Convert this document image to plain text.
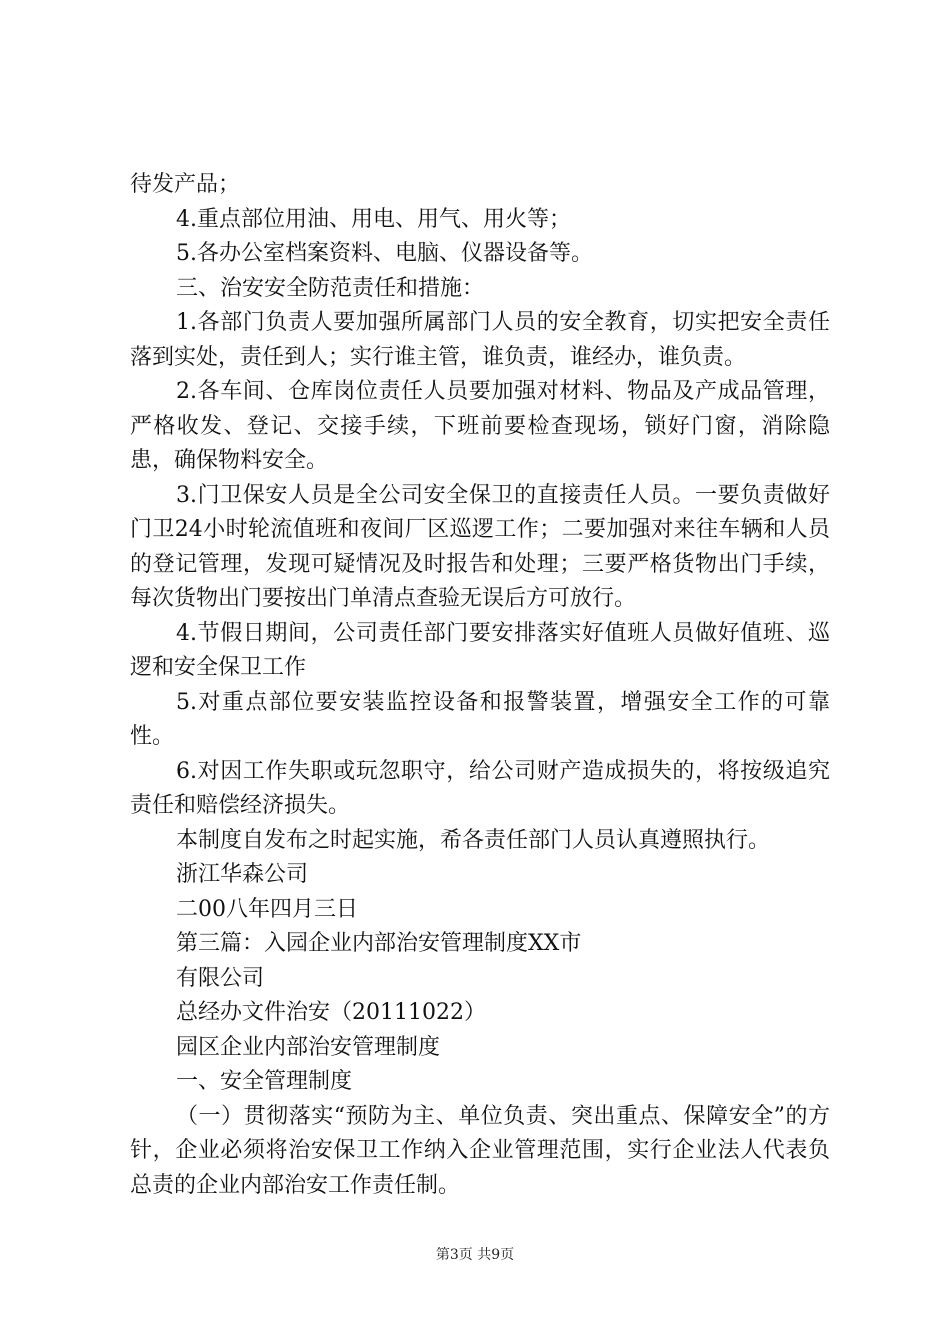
待发产品；

4.重点部位用油、用电、用气、用火等；

5.各办公室档案资料、电脑、仪器设备等。

三、治安安全防范责任和措施：

1.各部门负责人要加强所属部门人员的安全教育，切实把安全责任落到实处，责任到人；实行谁主管，谁负责，谁经办，谁负责。

2.各车间、仓库岗位责任人员要加强对材料、物品及产成品管理，严格收发、登记、交接手续，下班前要检查现场，锁好门窗，消除隐患，确保物料安全。

3.门卫保安人员是全公司安全保卫的直接责任人员。一要负责做好门卫24小时轮流值班和夜间厂区巡逻工作；二要加强对来往车辆和人员的登记管理，发现可疑情况及时报告和处理；三要严格货物出门手续，每次货物出门要按出门单清点查验无误后方可放行。

4.节假日期间，公司责任部门要安排落实好值班人员做好值班、巡逻和安全保卫工作

5.对重点部位要安装监控设备和报警装置，增强安全工作的可靠性。

6.对因工作失职或玩忽职守，给公司财产造成损失的，将按级追究责任和赔偿经济损失。

本制度自发布之时起实施，希各责任部门人员认真遵照执行。

浙江华森公司

二00八年四月三日

第三篇：入园企业内部治安管理制度XX市

有限公司

总经办文件治安（20111022）

园区企业内部治安管理制度

一、安全管理制度

（一）贯彻落实“预防为主、单位负责、突出重点、保障安全”的方针，企业必须将治安保卫工作纳入企业管理范围，实行企业法人代表负总责的企业内部治安工作责任制。

第3页 共9页
